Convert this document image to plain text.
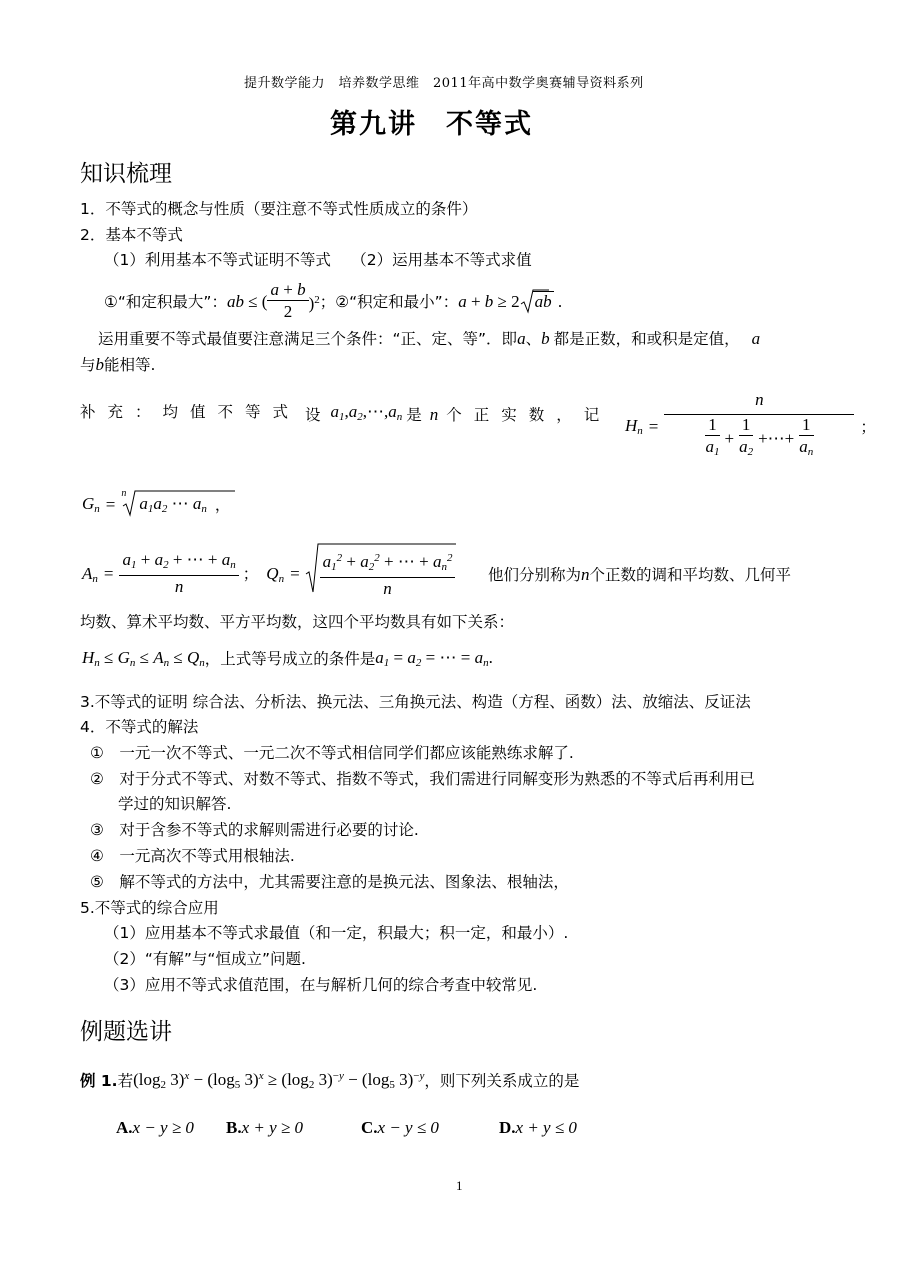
提升数学能力　培养数学思维　2011年高中数学奥赛辅导资料系列
第九讲　不等式
知识梳理
1．不等式的概念与性质（要注意不等式性质成立的条件）
2．基本不等式
（1）利用基本不等式证明不等式　 （2）运用基本不等式求值
①“和定积最大”： ab ≤ ( $\frac{a + b}{2} )^2$ ；②“积定和最小”： a + b ≥ 2 ab .
运用重要不等式最值要注意满足三个条件：“正、定、等”．即a、b 都是正数，和或积是定值， a
与b能相等.
补充：均值不等式 设 $a_1,a_2,\cdots,a_n$ 是 n 个正实数，记
$H_n = \frac{n}{\frac{1}{a_1} + \frac{1}{a_2} +\cdots+ \frac{1}{a_n}}$ ；
$G_n$ =
n
$a_1a_2$ ⋯ $a_n$ ，
$A_n = \frac{a_1 + a_2 + \cdots + a_n}{n}$ ； $Q_n = \frac{a_1^2 + a_2^2 + \cdots + a_n^2}{n}$ 他们分别称为n个正数的调和平均数、几何平
均数、算术平均数、平方平均数，这四个平均数具有如下关系：
$H_n \le G_n \le A_n \le Q_n$ ，上式等号成立的条件是 $a_1 = a_2$ = ⋯ = $a_n$.
3.不等式的证明 综合法、分析法、换元法、三角换元法、构造（方程、函数）法、放缩法、反证法
4．不等式的解法
①　一元一次不等式、一元二次不等式相信同学们都应该能熟练求解了.
②　对于分式不等式、对数不等式、指数不等式，我们需进行同解变形为熟悉的不等式后再利用已
学过的知识解答.
③　对于含参不等式的求解则需进行必要的讨论.
④　一元高次不等式用根轴法.
⑤　解不等式的方法中，尤其需要注意的是换元法、图象法、根轴法，
5.不等式的综合应用
（1）应用基本不等式求最值（和一定，积最大；积一定，和最小）.
（2）“有解”与“恒成立”问题.
（3）应用不等式求值范围，在与解析几何的综合考查中较常见.
例题选讲
例 1. 若 ($\log_2$ $3)^x - (\log_5$ $3)^x \ge (\log_2$ $3)^{-y} - (\log_5$ 3)$^{-y}$ ，则下列关系成立的是
A.x − y ≥ 0	B.x + y ≥ 0	C.x − y ≤ 0	D.x + y ≤ 0
1
